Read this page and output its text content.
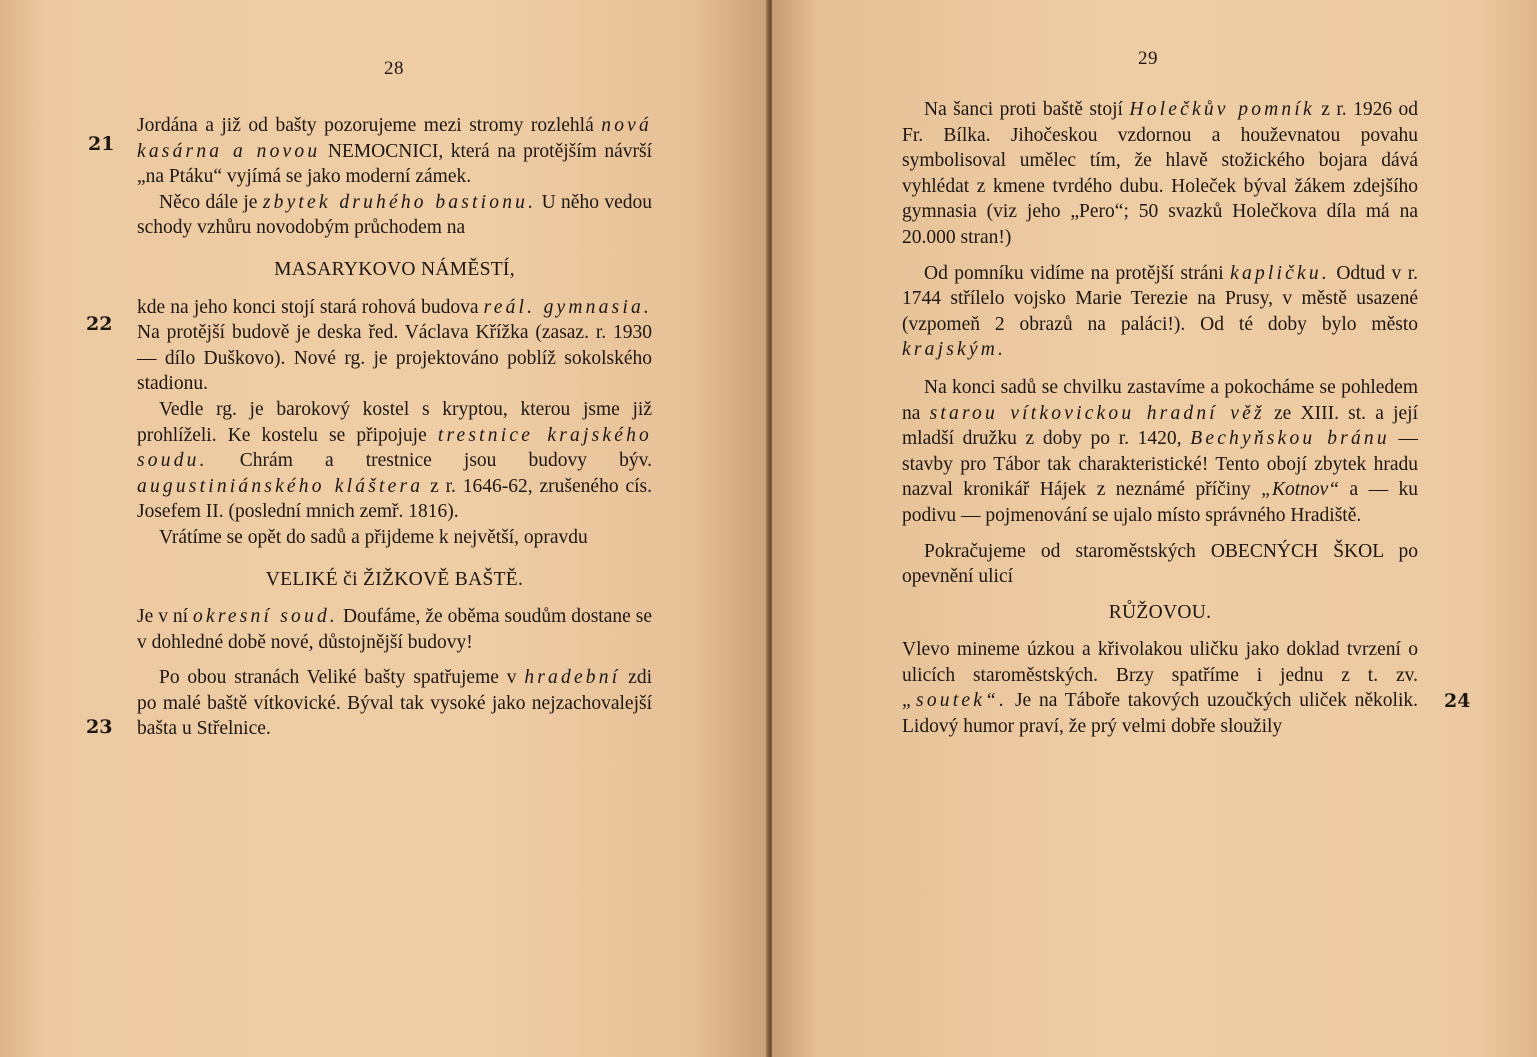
28
21
22
23

Jordána a již od bašty pozorujeme mezi stromy rozlehlá nová kasárna a novou NEMOCNICI, která na protějším návrší „na Ptáku“ vyjímá se jako moderní zámek.

Něco dále je zbytek druhého bastionu. U něho vedou schody vzhůru novodobým průchodem na

MASARYKOVO NÁMĚSTÍ,

kde na jeho konci stojí stará rohová budova reál. gymnasia. Na protější budově je deska řed. Václava Křížka (zasaz. r. 1930 — dílo Duškovo). Nové rg. je projektováno poblíž sokolského stadionu.

Vedle rg. je barokový kostel s kryptou, kterou jsme již prohlíželi. Ke kostelu se připojuje trestnice krajského soudu. Chrám a trestnice jsou budovy býv. augustiniánského kláštera z r. 1646-62, zrušeného cís. Josefem II. (poslední mnich zemř. 1816).

Vrátíme se opět do sadů a přijdeme k největší, opravdu

VELIKÉ či ŽIŽKOVĚ BAŠTĚ.

Je v ní okresní soud. Doufáme, že oběma soudům dostane se v dohledné době nové, důstojnější budovy!

Po obou stranách Veliké bašty spatřujeme v hradební zdi po malé baště vítkovické. Býval tak vysoké jako nejzachovalejší bašta u Střelnice.

29
24

Na šanci proti baště stojí Holečkův pomník z r. 1926 od Fr. Bílka. Jihočeskou vzdornou a houževnatou povahu symbolisoval umělec tím, že hlavě stožického bojara dává vyhlédat z kmene tvrdého dubu. Holeček býval žákem zdejšího gymnasia (viz jeho „Pero“; 50 svazků Holečkova díla má na 20.000 stran!)

Od pomníku vidíme na protější stráni kapličku. Odtud v r. 1744 střílelo vojsko Marie Terezie na Prusy, v městě usazené (vzpomeň 2 obrazů na paláci!). Od té doby bylo město krajským.

Na konci sadů se chvilku zastavíme a pokocháme se pohledem na starou vítkovickou hradní věž ze XIII. st. a její mladší družku z doby po r. 1420, Bechyňskou bránu — stavby pro Tábor tak charakteristické! Tento obojí zbytek hradu nazval kronikář Hájek z neznámé příčiny „Kotnov“ a — ku podivu — pojmenování se ujalo místo správného Hradiště.

Pokračujeme od staroměstských OBECNÝCH ŠKOL po opevnění ulicí

RŮŽOVOU.

Vlevo mineme úzkou a křivolakou uličku jako doklad tvrzení o ulicích staroměstských. Brzy spatříme i jednu z t. zv. „soutek“. Je na Táboře takových uzoučkých uliček několik. Lidový humor praví, že prý velmi dobře sloužily
